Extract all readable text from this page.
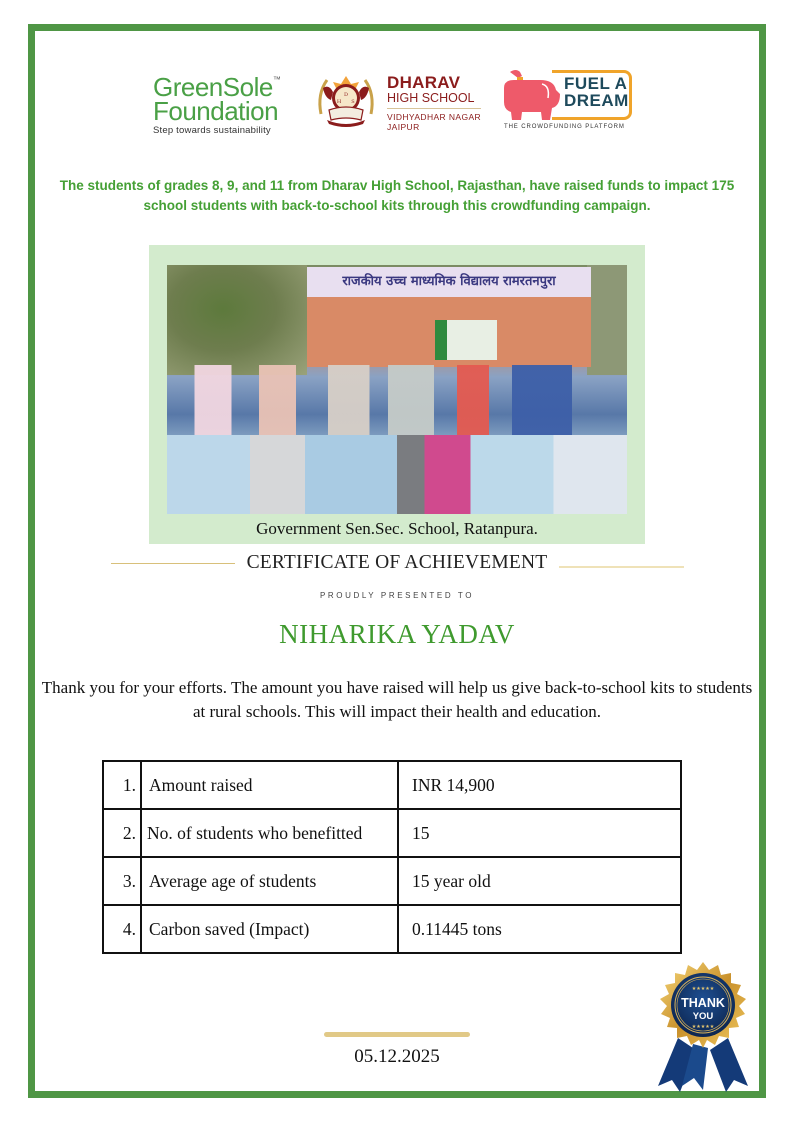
GreenSole™
Foundation
Step towards sustainability
D
H S
DHARAV
HIGH SCHOOL
VIDHYADHAR NAGAR
JAIPUR
FUEL A
DREAM
THE CROWDFUNDING PLATFORM
The students of grades 8, 9, and 11 from Dharav High School, Rajasthan, have raised funds to impact 175 school students with back-to-school kits through this crowdfunding campaign.
राजकीय उच्च माध्यमिक विद्यालय रामरतनपुरा
Government Sen.Sec. School, Ratanpura.
CERTIFICATE OF ACHIEVEMENT
PROUDLY PRESENTED TO
NIHARIKA YADAV
Thank you for your efforts. The amount you have raised will help us give back-to-school kits to students at rural schools. This will impact their health and education.
1.	Amount raised	INR 14,900
2.	No. of students who benefitted	15
3.	Average age of students	15 year old
4.	Carbon saved (Impact)	0.11445 tons
05.12.2025
★★★★★
THANK
YOU
★★★★★
